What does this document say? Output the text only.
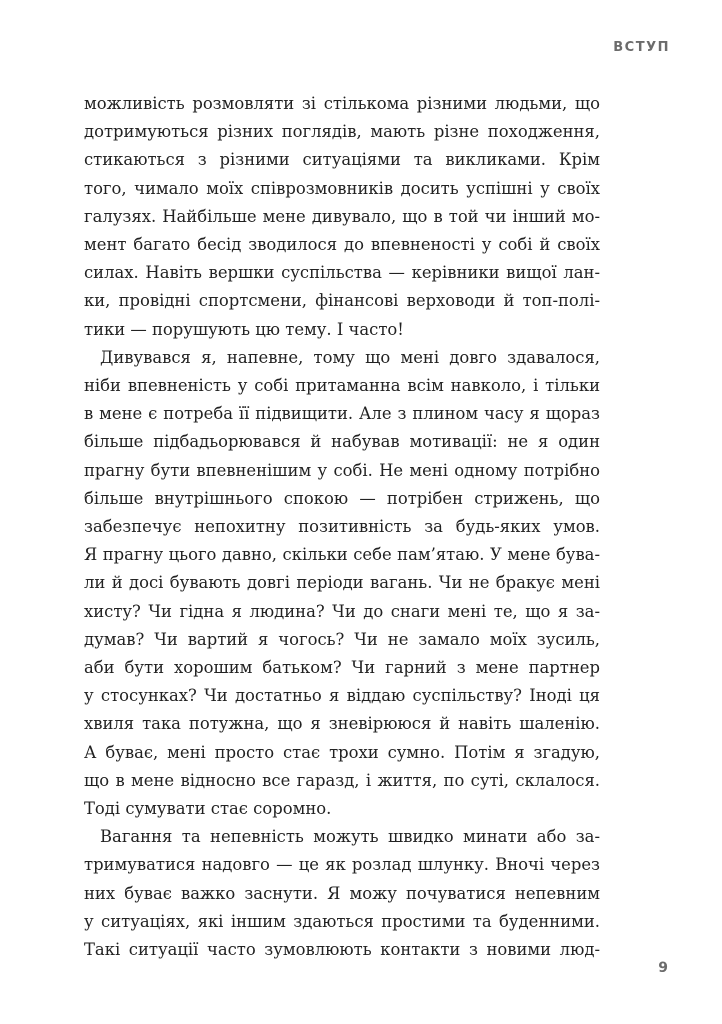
ВСТУП

можливість розмовляти зі стількома різними людьми, що
дотримуються різних поглядів, мають різне походження,
стикаються з різними ситуаціями та викликами. Крім
того, чимало моїх співрозмовників досить успішні у своїх
галузях. Найбільше мене дивувало, що в той чи інший мо-
мент багато бесід зводилося до впевненості у собі й своїх
силах. Навіть вершки суспільства — керівники вищої лан-
ки, провідні спортсмени, фінансові верховоди й топ-полі-
тики — порушують цю тему. І часто!

Дивувався я, напевне, тому що мені довго здавалося,
ніби впевненість у собі притаманна всім навколо, і тільки
в мене є потреба її підвищити. Але з плином часу я щораз
більше підбадьорювався й набував мотивації: не я один
прагну бути впевненішим у собі. Не мені одному потрібно
більше внутрішнього спокою — потрібен стрижень, що
забезпечує непохитну позитивність за будь-яких умов.
Я прагну цього давно, скільки себе пам’ятаю. У мене бува-
ли й досі бувають довгі періоди вагань. Чи не бракує мені
хисту? Чи гідна я людина? Чи до снаги мені те, що я за-
думав? Чи вартий я чогось? Чи не замало моїх зусиль,
аби бути хорошим батьком? Чи гарний з мене партнер
у стосунках? Чи достатньо я віддаю суспільству? Іноді ця
хвиля така потужна, що я зневірююся й навіть шаленію.
А буває, мені просто стає трохи сумно. Потім я згадую,
що в мене відносно все гаразд, і життя, по суті, склалося.
Тоді сумувати стає соромно.

Вагання та непевність можуть швидко минати або за-
тримуватися надовго — це як розлад шлунку. Вночі через
них буває важко заснути. Я можу почуватися непевним
у ситуаціях, які іншим здаються простими та буденними.
Такі ситуації часто зумовлюють контакти з новими люд-

9
